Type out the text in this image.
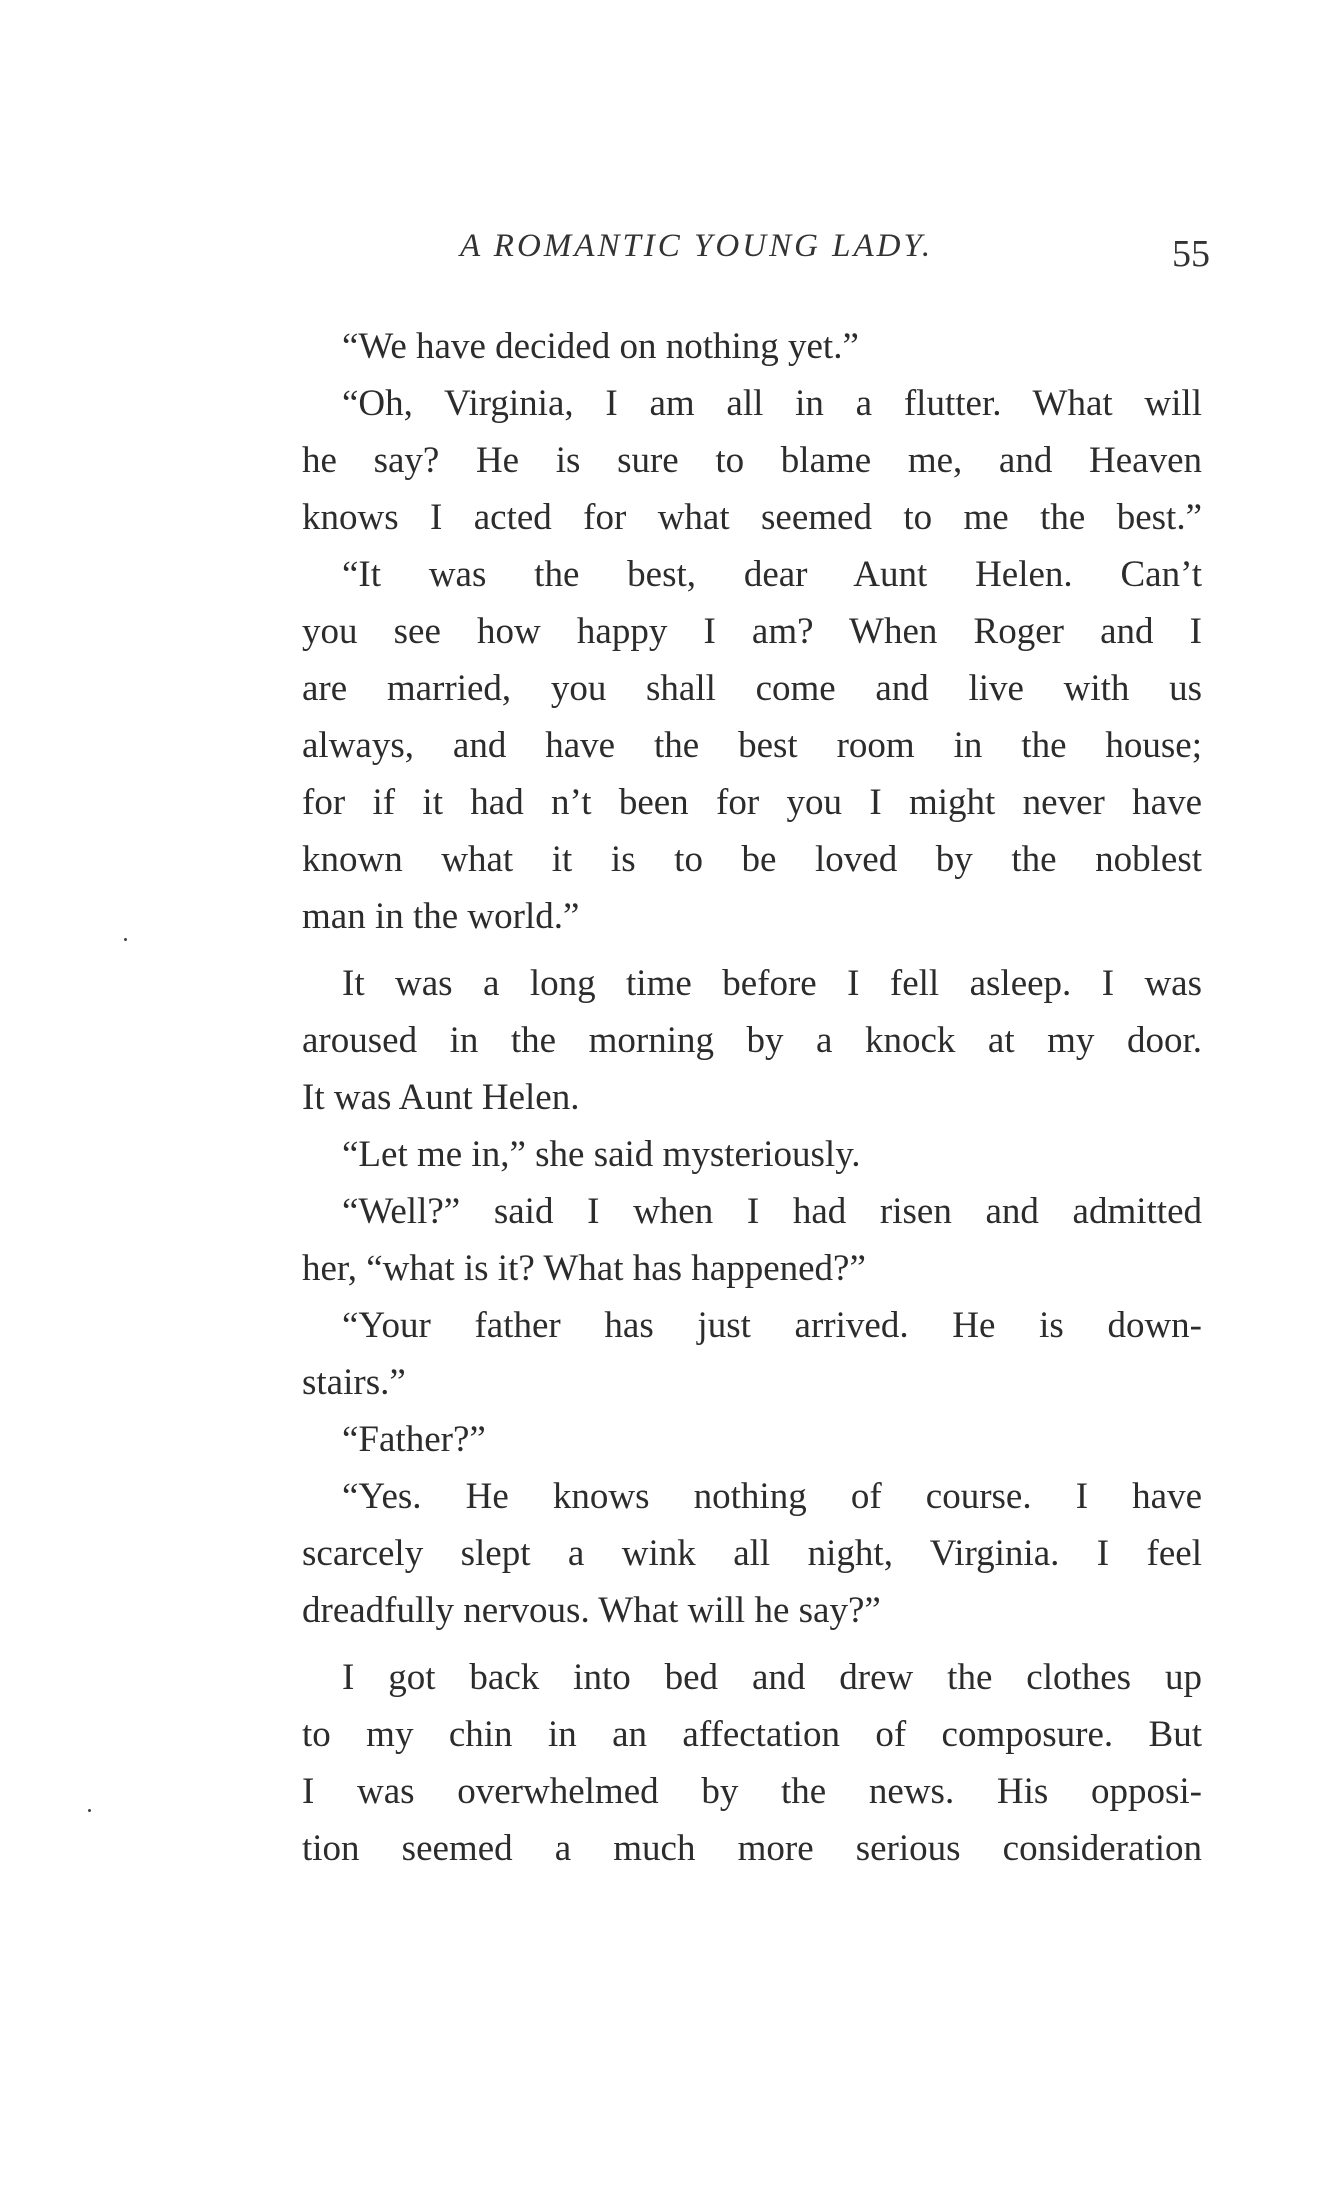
A ROMANTIC YOUNG LADY.	55
“We have decided on nothing yet.”
“Oh, Virginia, I am all in a flutter. What will
he say? He is sure to blame me, and Heaven
knows I acted for what seemed to me the best.”
“It was the best, dear Aunt Helen. Can’t
you see how happy I am? When Roger and I
are married, you shall come and live with us
always, and have the best room in the house;
for if it had n’t been for you I might never have
known what it is to be loved by the noblest
man in the world.”
It was a long time before I fell asleep. I was
aroused in the morning by a knock at my door.
It was Aunt Helen.
“Let me in,” she said mysteriously.
“Well?” said I when I had risen and admitted
her, “what is it? What has happened?”
“Your father has just arrived. He is down-
stairs.”
“Father?”
“Yes. He knows nothing of course. I have
scarcely slept a wink all night, Virginia. I feel
dreadfully nervous. What will he say?”
I got back into bed and drew the clothes up
to my chin in an affectation of composure. But
I was overwhelmed by the news. His opposi-
tion seemed a much more serious consideration
